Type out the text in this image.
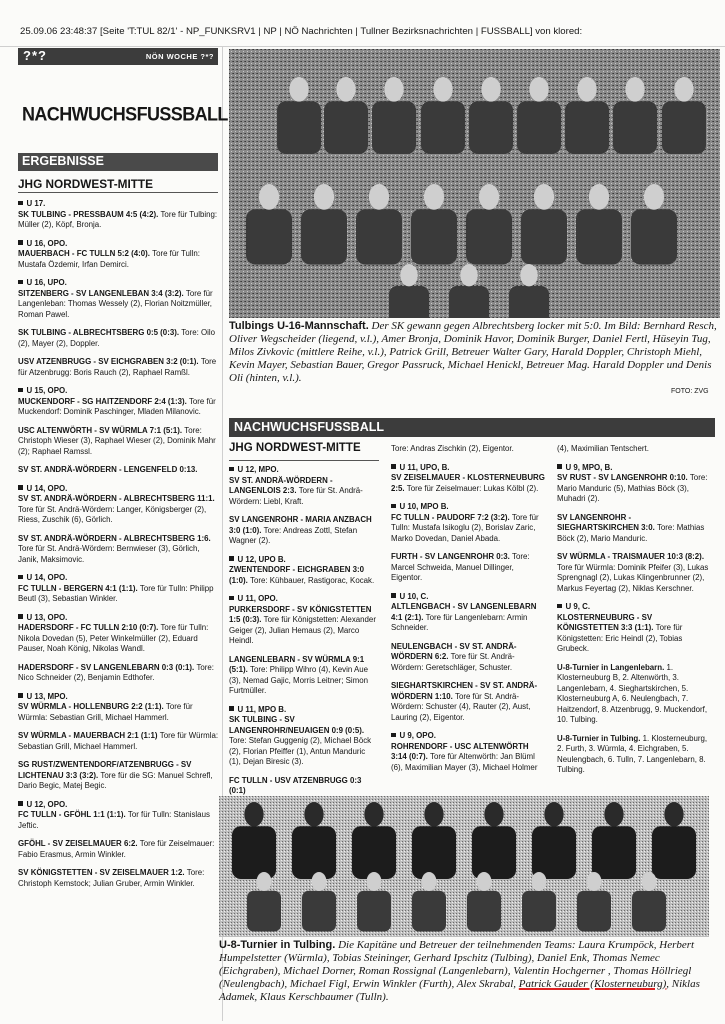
25.09.06 23:48:37 [Seite 'T:TUL 82/1' - NP_FUNKSRV1 | NP | NÖ Nachrichten | Tullner Bezirksnachrichten | FUSSBALL] von klored:
?*?	NÖN WOCHE ?*?
NACHWUCHSFUSSBALL
ERGEBNISSE
JHG NORDWEST-MITTE
U 17.
SK TULBING - PRESSBAUM 4:5 (4:2). Tore für Tulbing: Müller (2), Köpf, Bronja.
U 16, OPO.
MAUERBACH - FC TULLN 5:2 (4:0). Tore für Tulln: Mustafa Özdemir, Irfan Demirci.
U 16, UPO.
SITZENBERG - SV LANGENLEBAN 3:4 (3:2). Tore für Langenleban: Thomas Wessely (2), Florian Noitzmüller, Roman Pawel.
SK TULBING - ALBRECHTSBERG 0:5 (0:3). Tore: Oilo (2), Mayer (2), Doppler.
USV ATZENBRUGG - SV EICHGRABEN 3:2 (0:1). Tore für Atzenbrugg: Boris Rauch (2), Raphael Ramßl.
U 15, OPO.
MUCKENDORF - SG HAITZENDORF 2:4 (1:3). Tore für Muckendorf: Dominik Paschinger, Mladen Milanovic.
USC ALTENWÖRTH - SV WÜRMLA 7:1 (5:1). Tore: Christoph Wieser (3), Raphael Wieser (2), Dominik Mahr (2); Raphael Ramssl.
SV ST. ANDRÄ-WÖRDERN - LENGENFELD 0:13.
U 14, OPO.
SV ST. ANDRÄ-WÖRDERN - ALBRECHTSBERG 11:1. Tore für St. Andrä-Wördern: Langer, Königsberger (2), Riess, Zuschik (6), Görlich.
SV ST. ANDRÄ-WÖRDERN - ALBRECHTSBERG 1:6. Tore für St. Andrä-Wördern: Bernwieser (3), Görlich, Janik, Maksimovic.
U 14, OPO.
FC TULLN - BERGERN 4:1 (1:1). Tore für Tulln: Philipp Beutl (3), Sebastian Winkler.
U 13, OPO.
HADERSDORF - FC TULLN 2:10 (0:7). Tore für Tulln: Nikola Dovedan (5), Peter Winkelmüller (2), Eduard Pauser, Noah König, Nikolas Wandl.
HADERSDORF - SV LANGENLEBARN 0:3 (0:1). Tore: Nico Schneider (2), Benjamin Edthofer.
U 13, MPO.
SV WÜRMLA - HOLLENBURG 2:2 (1:1). Tore für Würmla: Sebastian Grill, Michael Hammerl.
SV WÜRMLA - MAUERBACH 2:1 (1:1) Tore für Würmla: Sebastian Grill, Michael Hammerl.
SG RUST/ZWENTENDORF/ATZENBRUGG - SV LICHTENAU 3:3 (3:2). Tore für die SG: Manuel Schrefl, Dario Begic, Matej Begic.
U 12, OPO.
FC TULLN - GFÖHL 1:1 (1:1). Tor für Tulln: Stanislaus Jeftic.
GFÖHL - SV ZEISELMAUER 6:2. Tore für Zeiselmauer: Fabio Erasmus, Armin Winkler.
SV KÖNIGSTETTEN - SV ZEISELMAUER 1:2. Tore: Christoph Kemstock; Julian Gruber, Armin Winkler.
Tulbings U-16-Mannschaft. Der SK gewann gegen Albrechtsberg locker mit 5:0. Im Bild: Bernhard Resch, Oliver Wegscheider (liegend, v.l.), Amer Bronja, Dominik Havor, Dominik Burger, Daniel Fertl, Hüseyin Tug, Milos Zivkovic (mittlere Reihe, v.l.), Patrick Grill, Betreuer Walter Gary, Harald Doppler, Christoph Miehl, Kevin Mayer, Sebastian Bauer, Gregor Passruck, Michael Henickl, Betreuer Mag. Harald Doppler und Denis Oli (hinten, v.l.).
FOTO: ZVG
NACHWUCHSFUSSBALL
JHG NORDWEST-MITTE
U 12, MPO.
SV ST. ANDRÄ-WÖRDERN - LANGENLOIS 2:3. Tore für St. Andrä-Wördern: Liebl, Kraft.
SV LANGENROHR - MARIA ANZBACH 3:0 (1:0). Tore: Andreas Zottl, Stefan Wagner (2).
U 12, UPO B.
ZWENTENDORF - EICHGRABEN 3:0 (1:0). Tore: Kühbauer, Rastigorac, Kocak.
U 11, OPO.
PURKERSDORF - SV KÖNIGSTETTEN 1:5 (0:3). Tore für Königstetten: Alexander Geiger (2), Julian Hemaus (2), Marco Heindl.
LANGENLEBARN - SV WÜRMLA 9:1 (5:1). Tore: Philipp Wihro (4), Kevin Aue (3), Nemad Gajic, Morris Leitner; Simon Furtmüller.
U 11, MPO B.
SK TULBING - SV LANGENROHR/NEUAIGEN 0:9 (0:5). Tore: Stefan Guggenig (2), Michael Böck (2), Florian Pfeiffer (1), Antun Manduric (1), Dejan Biresic (3).
FC TULLN - USV ATZENBRUGG 0:3 (0:1)
Tore: Andras Zischkin (2), Eigentor.
U 11, UPO, B.
SV ZEISELMAUER - KLOSTERNEUBURG 2:5. Tore für Zeiselmauer: Lukas Kölbl (2).
U 10, MPO B.
FC TULLN - PAUDORF 7:2 (3:2). Tore für Tulln: Mustafa Isikoglu (2), Borislav Zaric, Marko Dovedan, Daniel Abada.
FURTH - SV LANGENROHR 0:3. Tore: Marcel Schweida, Manuel Dillinger, Eigentor.
U 10, C.
ALTLENGBACH - SV LANGENLEBARN 4:1 (2:1). Tore für Langenlebarn: Armin Schneider.
NEULENGBACH - SV ST. ANDRÄ-WÖRDERN 6:2. Tore für St. Andrä-Wördern: Geretschläger, Schuster.
SIEGHARTSKIRCHEN - SV ST. ANDRÄ-WÖRDERN 1:10. Tore für St. Andrä-Wördern: Schuster (4), Rauter (2), Aust, Lauring (2), Eigentor.
U 9, OPO.
ROHRENDORF - USC ALTENWÖRTH 3:14 (0:7). Tore für Altenwörth: Jan Blüml (6), Maximilian Mayer (3), Michael Holmer
(4), Maximilian Tentschert.
U 9, MPO, B.
SV RUST - SV LANGENROHR 0:10. Tore: Mario Manduric (5), Mathias Böck (3), Muhadri (2).
SV LANGENROHR - SIEGHARTSKIRCHEN 3:0. Tore: Mathias Böck (2), Mario Manduric.
SV WÜRMLA - TRAISMAUER 10:3 (8:2). Tore für Würmla: Dominik Pfeifer (3), Lukas Sprengnagl (2), Lukas Klingenbrunner (2), Markus Feyertag (2), Niklas Kerschner.
U 9, C.
KLOSTERNEUBURG - SV KÖNIGSTETTEN 3:3 (1:1). Tore für Königstetten: Eric Heindl (2), Tobias Grubeck.
U-8-Turnier in Langenlebarn. 1. Klosterneuburg B, 2. Altenwörth, 3. Langenlebarn, 4. Sieghartskirchen, 5. Klosterneuburg A, 6. Neulengbach, 7. Haitzendorf, 8. Atzenbrugg, 9. Muckendorf, 10. Tulbing.
U-8-Turnier in Tulbing. 1. Klosterneuburg, 2. Furth, 3. Würmla, 4. Eichgraben, 5. Neulengbach, 6. Tulln, 7. Langenlebarn, 8. Tulbing.
U-8-Turnier in Tulbing. Die Kapitäne und Betreuer der teilnehmenden Teams: Laura Krumpöck, Herbert Humpelstetter (Würmla), Tobias Steininger, Gerhard Ipschitz (Tulbing), Daniel Enk, Thomas Nemec (Eichgraben), Michael Dorner, Roman Rossignal (Langenlebarn), Valentin Hochgerner , Thomas Höllriegl (Neulengbach), Michael Figl, Erwin Winkler (Furth), Alex Skrabal, Patrick Gauder (Klosterneuburg), Niklas Adamek, Klaus Kerschbaumer (Tulln).
